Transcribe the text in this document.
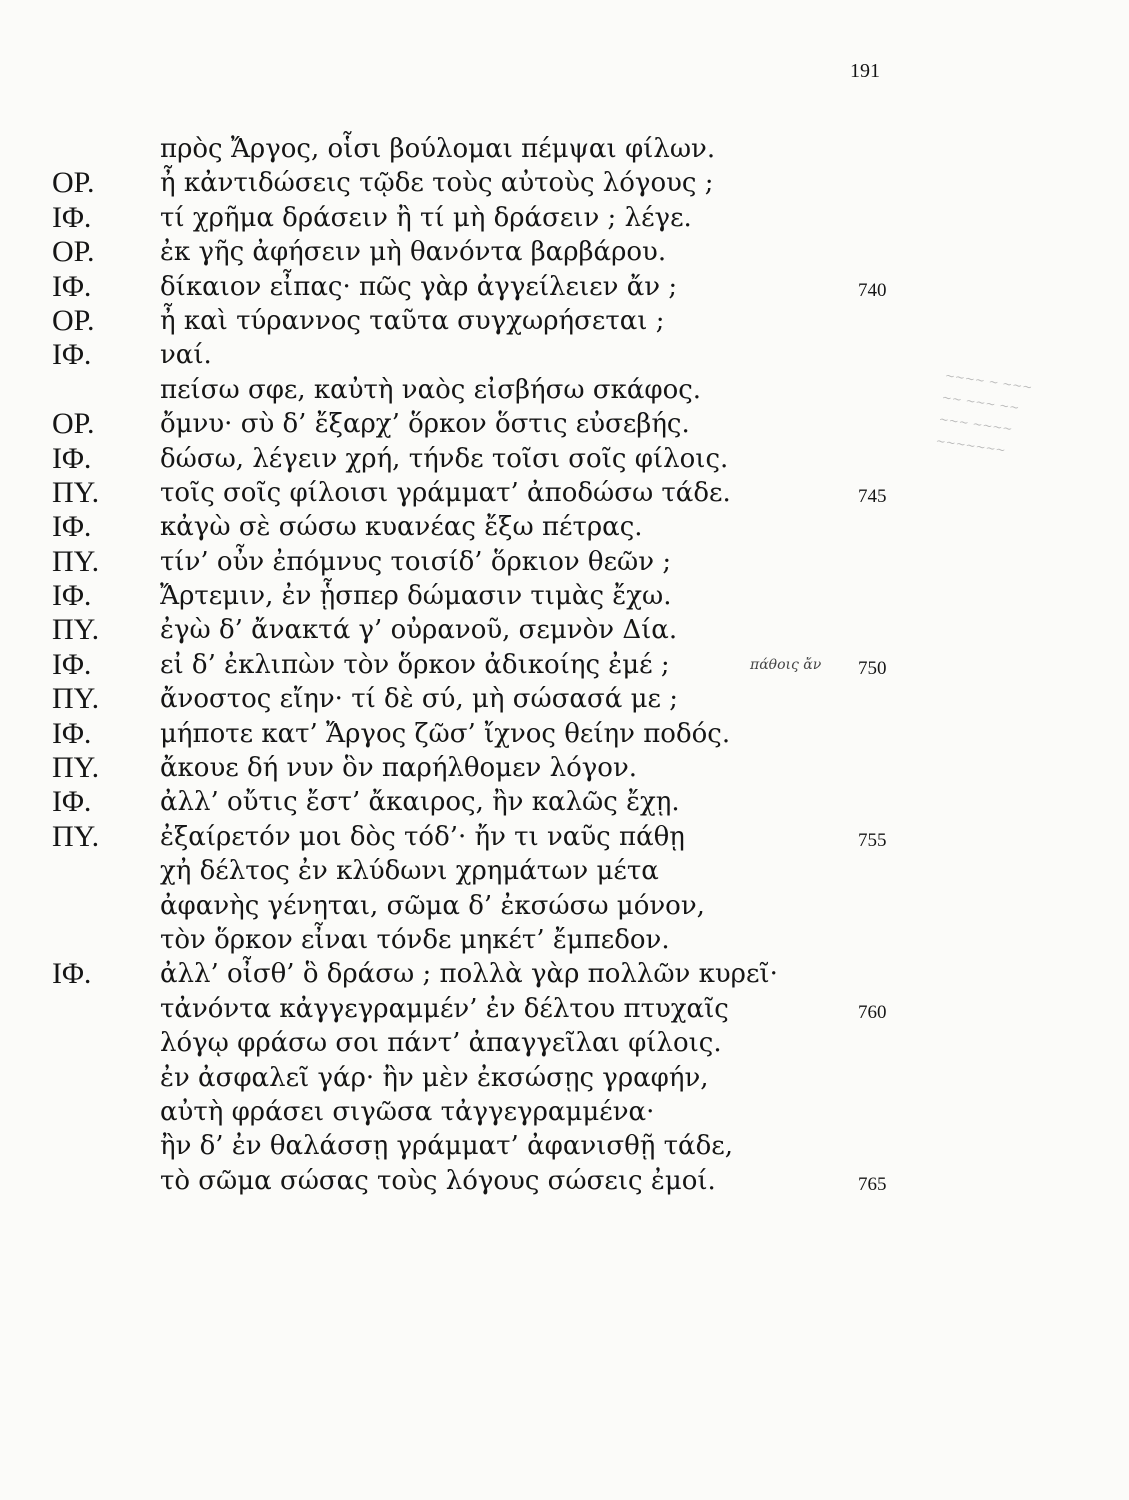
191
~~~~ ~ ~~~
~~ ~~~ ~~
~~~ ~~~~
~~~~~~~
πρὸς Ἄργος, οἷσι βούλομαι πέμψαι φίλων.
ΟΡ.	ἦ κἀντιδώσεις τῷδε τοὺς αὐτοὺς λόγους ;
ΙΦ.	τί χρῆμα δράσειν ἢ τί μὴ δράσειν ; λέγε.
ΟΡ.	ἐκ γῆς ἀφήσειν μὴ θανόντα βαρβάρου.
ΙΦ.	δίκαιον εἶπας· πῶς γὰρ ἀγγείλειεν ἄν ;	740
ΟΡ.	ἦ καὶ τύραννος ταῦτα συγχωρήσεται ;
ΙΦ.	ναί.
πείσω σφε, καὐτὴ ναὸς εἰσβήσω σκάφος.
ΟΡ.	ὄμνυ· σὺ δ’ ἔξαρχ’ ὅρκον ὅστις εὐσεβής.
ΙΦ.	δώσω, λέγειν χρή, τήνδε τοῖσι σοῖς φίλοις.
ΠΥ. τοῖς σοῖς φίλοισι γράμματ’ ἀποδώσω τάδε.	745
ΙΦ.	κἀγὼ σὲ σώσω κυανέας ἔξω πέτρας.
ΠΥ. τίν’ οὖν ἐπόμνυς τοισίδ’ ὅρκιον θεῶν ;
ΙΦ.	Ἄρτεμιν, ἐν ᾗσπερ δώμασιν τιμὰς ἔχω.
ΠΥ. ἐγὼ δ’ ἄνακτά γ’ οὐρανοῦ, σεμνὸν Δία.
ΙΦ.	εἰ δ’ ἐκλιπὼν τὸν ὅρκον ἀδικοίης ἐμέ ;	πάθοις ἄν 750
ΠΥ. ἄνοστος εἴην· τί δὲ σύ, μὴ σώσασά με ;
ΙΦ.	μήποτε κατ’ Ἄργος ζῶσ’ ἴχνος θείην ποδός.
ΠΥ. ἄκουε δή νυν ὃν παρήλθομεν λόγον.
ΙΦ.	ἀλλ’ οὔτις ἔστ’ ἄκαιρος, ἢν καλῶς ἔχῃ.
ΠΥ. ἐξαίρετόν μοι δὸς τόδ’· ἤν τι ναῦς πάθῃ	755
χἠ δέλτος ἐν κλύδωνι χρημάτων μέτα
ἀφανὴς γένηται, σῶμα δ’ ἐκσώσω μόνον,
τὸν ὅρκον εἶναι τόνδε μηκέτ’ ἔμπεδον.
ΙΦ.	ἀλλ’ οἶσθ’ ὃ δράσω ; πολλὰ γὰρ πολλῶν κυρεῖ·
τἀνόντα κἀγγεγραμμέν’ ἐν δέλτου πτυχαῖς	760
λόγῳ φράσω σοι πάντ’ ἀπαγγεῖλαι φίλοις.
ἐν ἀσφαλεῖ γάρ· ἢν μὲν ἐκσώσῃς γραφήν,
αὐτὴ φράσει σιγῶσα τἀγγεγραμμένα·
ἢν δ’ ἐν θαλάσσῃ γράμματ’ ἀφανισθῇ τάδε,
τὸ σῶμα σώσας τοὺς λόγους σώσεις ἐμοί.	765
